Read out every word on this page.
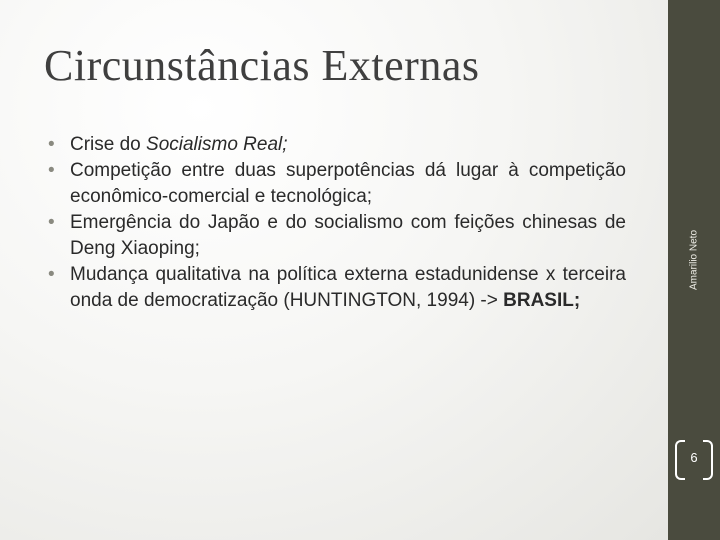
Circunstâncias Externas
• Crise do Socialismo Real;
• Competição entre duas superpotências dá lugar à competição econômico-comercial e tecnológica;
• Emergência do Japão e do socialismo com feições chinesas de Deng Xiaoping;
• Mudança qualitativa na política externa estadunidense x terceira onda de democratização (HUNTINGTON, 1994) -> BRASIL;
Amarilio Neto
6
